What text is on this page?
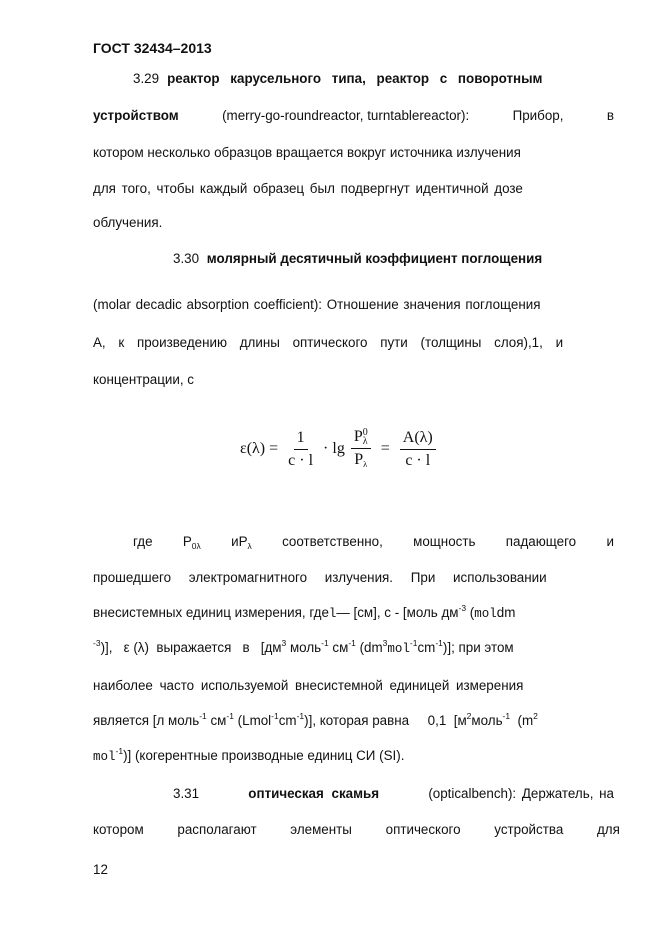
ГОСТ 32434–2013
3.29 реактор карусельного типа, реактор с поворотным
устройством	(merry-go-roundreactor, turntablereactor):	Прибор,	в
котором несколько образцов вращается вокруг источника излучения
для того, чтобы каждый образец был подвергнут идентичной дозе
облучения.
3.30 молярный десятичный коэффициент поглощения
(molar decadic absorption coefficient): Отношение значения поглощения
А, к произведению длины оптического пути (толщины слоя),1, и
концентрации, c
$\varepsilon(\lambda) = \frac{1}{c \cdot l} \cdot \lg P$ 0
λ
$P_\lambda = \frac{A(\lambda)}{c \cdot l}$
где $P_{0\lambda}$ $иP_\lambda$ соответственно, мощность падающего и
прошедшего электромагнитного излучения. При использовании
внесистемных единиц измерения, гдеl— [см], с - [моль $дм^{-3}$ (moldm
$^{-3}$)],   ε (λ)  выражается   в   [$дм^3$ моль$^{-1}$ $см^{-1}$ $(dm^3mol^{-1}cm^{-1})$]; при этом
наиболее часто используемой внесистемной единицей измерения
является [л моль$^{-1}$ $см^{-1}$ $(Lmol^{-1}cm^{-1})$], которая равна     0,1  [$м^2моль^{-1}$  ($m^2$
mol$^{-1}$)] (когерентные производные единиц СИ (SI).
3.31	оптическая скамья	(opticalbench): Держатель, на
котором располагают элементы оптического устройства для
12
